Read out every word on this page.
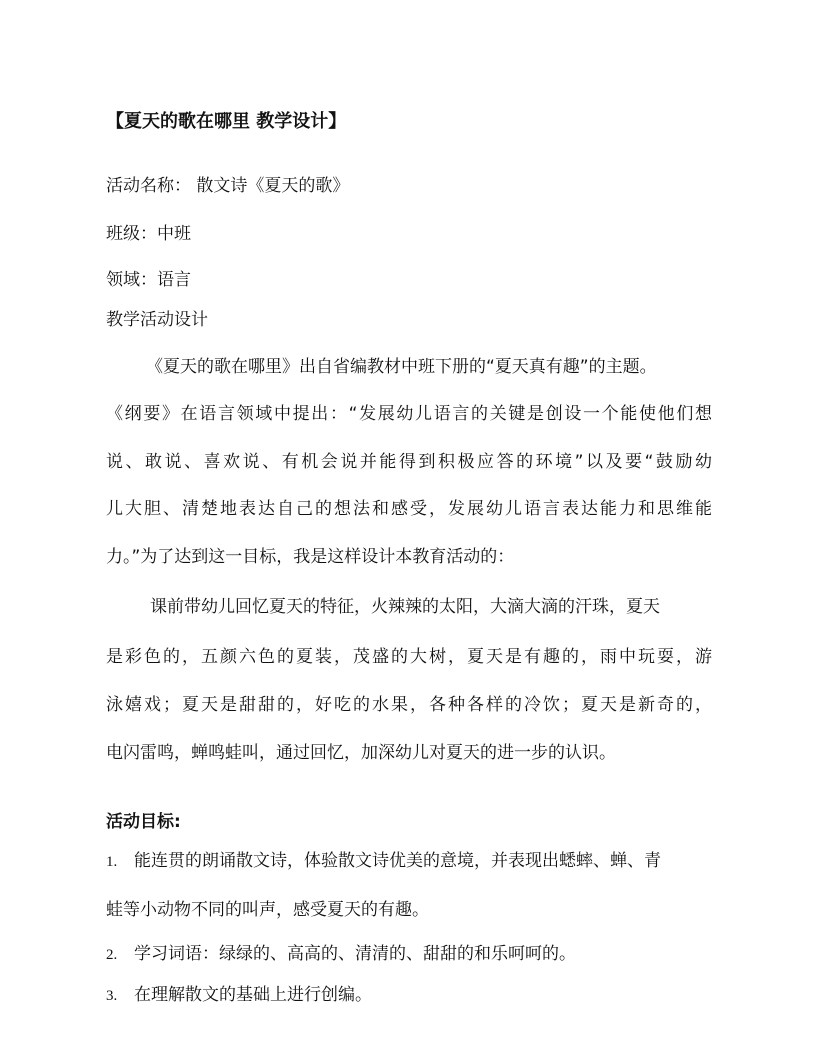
【夏天的歌在哪里 教学设计】
活动名称： 散文诗《夏天的歌》
班级：中班
领域：语言
教学活动设计
《夏天的歌在哪里》出自省编教材中班下册的“夏天真有趣”的主题。
《纲要》在语言领域中提出：“发展幼儿语言的关键是创设一个能使他们想
说、敢说、喜欢说、有机会说并能得到积极应答的环境”以及要“鼓励幼
儿大胆、清楚地表达自己的想法和感受，发展幼儿语言表达能力和思维能
力。”为了达到这一目标，我是这样设计本教育活动的：
课前带幼儿回忆夏天的特征，火辣辣的太阳，大滴大滴的汗珠，夏天
是彩色的，五颜六色的夏装，茂盛的大树，夏天是有趣的，雨中玩耍，游
泳嬉戏；夏天是甜甜的，好吃的水果，各种各样的冷饮；夏天是新奇的，
电闪雷鸣，蝉鸣蛙叫，通过回忆，加深幼儿对夏天的进一步的认识。
活动目标:
1. 能连贯的朗诵散文诗，体验散文诗优美的意境，并表现出蟋蟀、蝉、青
蛙等小动物不同的叫声，感受夏天的有趣。
2. 学习词语：绿绿的、高高的、清清的、甜甜的和乐呵呵的。
3. 在理解散文的基础上进行创编。
